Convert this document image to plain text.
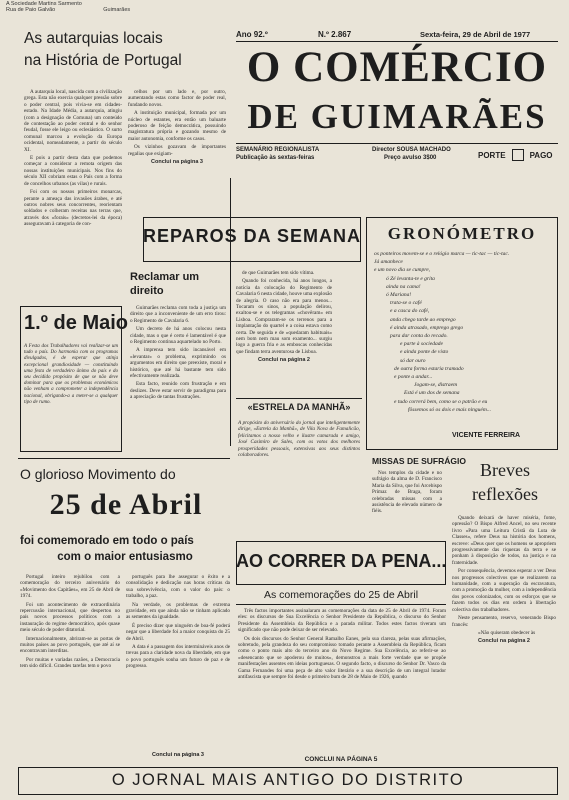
A Sociedade Martins Sarmento
Rua de Paio Galvão	Guimarães
As autarquias locais
na História de Portugal

A autarquia local, nascida com a civilização grega. Esta não exercia qualquer pressão sobre o poder central, pois vivia-se em cidades-estado. Na Idade Média, a autarquia, atingiu (com a designação de Comuna) um conteúdo de contestação ao poder central e do senhor feudal, fosse ele leigo ou eclesiástico. O surto comunal marcou a evolução da Europa ocidental, nomeadamente, a partir do século XI.

E pois a partir desta data que podemos começar a considerar a remota origem das nossas instituições municipais. Nos fins do século XII cobriam estas o País com a forma de concelhos urbanos (as vilas) e rurais.

Foi com os nossos primeiros monarcas, perante a ameaça das invasões árabes, e até outros nobres seus concorrentes, reorientam soldados e colheram receitas nas terras que, através dos «forais» (decretos-lei da época) asseguravam à categoria de con-

celhos por um lado e, por outro, aumentando estas como factor de poder real, fundando novos.

A instituição municipal, formada por um núcleo de estantes, era então um baluarte poderoso de feição democrática, possuindo magistratura própria e gozando mesmo de maior autonomia, conforme os casos.

Os vizinhos gozavam de importantes regalias que exigiam-

Conclui na página 3
Ano 92.º	N.º 2.867	Sexta-feira, 29 de Abril de 1977
O COMÉRCIO
DE GUIMARÃES
SEMANÁRIO REGIONALISTA
Publicação às sextas-feiras
Director SOUSA MACHADO
Preço avulso 3$00	PORTE	PAGO
1.º de Maio
A Festa dos Trabalhadores vai realizar-se um tudo o país. Do harmonia com os programas divulgados, é de esperar que atinja excepcional grandiosidade — constituindo uma festa de verdadeiro ânimo do país e do seu decidido propósito de que se não deve dominar para que os problemas económicos não venham a comprometer a independência nacional, obrigando-a a meter-se a qualquer tipo de rumo.
REPAROS DA SEMANA
Reclamar um direito

Guimarães reclama com toda a justiça um direito que a inconveniente de um erro tirou: o Regimento de Cavalaria 6.

Um decreto de há anos colocou nesta cidade, mas o que é certo é lamentável é que o Regimento continua aquartelado no Porto.

A imprensa tem sido incansável em «levantar» o problema, exprimindo os argumentos em direito que preexiste, moral e histórico, que até há bastante tem sido efectivamente realizada.

Esta facto, reunido com frustração e em deslizes. Deve estar servir de paradigma para a apreciação de tantas frustrações.

de que Guimarães tem sido vítima.

Quando foi conhecida, há anos longos, a notícia da colocação do Regimento de Cavalaria 6 nesta cidade, houve uma explosão de alegria. O caso não era para menos... Tocaram os sinos, a população delirou, exaltou-se e os telegramas «chovêram» em Lisboa. Compraram-se os terrenos para a implantação do quartel e a coisa estava como certa. De seguida e de «quedaram habituais» nem bom nem mau som examento... surgiu logo a guerra fria e as emboscas conhecidas que findam terra aventurosa de Lisboa.

Conclui na página 2
GRONÓMETRO
os ponteiros movem-se e o relógio marca — tic-tac — tic-tac.
Já amanhece
e um novo dia se cumpre,
ó Zé levanta-te e grita
ainda na cama!
ó Mariana!
trata-se o café
e a casca do café,
anda chego tarde ao emprego
é ainda atrasado, emprego grego
para dar conta do recado.
e parte à sociedade
e ainda ponte de visto
só dar ouro
de outra forma estaria tramado
e ponte a andar...
Jogam-se, distraem
Está é um dos de semana
e tudo correrá bem, como se o patrão e eu
fôssemos só os dois e mais ninguém...
VICENTE FERREIRA
«ESTRELA DA MANHÃ»
A propósito do aniversário do jornal que inteligentemente dirige, «Estrela da Manhã», de Vila Nova de Famalicão, felicitamos a nosso velho e ilustre camarada e amigo, José Casimiro de Sales, com os votos dos melhores prosperidades pessoais, extensivas aos seus distintos colaboradores.
MISSAS DE SUFRÁGIO
Nos templos da cidade e no sufrágio da alma de D. Francisco Maria da Silva, que foi Arcebispo Primaz de Braga, foram celebradas missas com a assistência de elevado número de fiéis.
Breves
reflexões

Quando deixará de haver miséria, fome, opressão? O Bispo Alfred Ancel, no seu recente livro «Para uma Leitura Cristã da Luta de Classes», refere Deus na história dos homens, escreve: «Deus quer que os homens se apropriem progressivamente das riquezas da terra e se ponham à disposição de todos, na justiça e na fraternidade.

Por consequência, devemos esperar a ver Deus nos progressos colectivos que se realizarem na humanidade, com a superação da escravatura, com a promoção da mulher, com a independência dos povos colonizados, com os esforços que se fazem todos os dias em ordem à libertação colectiva dos trabalhadores.

Neste pensamento, reservo, venerando Bispo francês:

«Não quiseram obedecer às

Conclui na página 2
O glorioso Movimento do
25 de Abril
foi comemorado em todo o país
com o maior entusiasmo

Portugal inteiro rejubilou com a comemoração do terceiro aniversário do «Movimento dos Capitães», em 25 de Abril de 1974.

Foi um acontecimento de extraordinária repercussão internacional, que despertou no país novos processos políticos com a instauração do regime democrático, após quase meio século de poder ditatorial.

Internacionalmente, abriram-se as portas de muitos países ao povo português, que até aí se encontravam interditas.

Por muitas e variadas razões, a Democracia tem sido difícil. Grandes tarefas tem o povo

português para lhe assegurar o êxito e a consolidação e dedicação nas horas críticas da sua sobrevivência, com o valor do país: o trabalho, a paz.

Na verdade, os problemas de extrema gravidade, em que ainda não se tinham aplicado as sementes da igualdade.

É preciso dizer que ninguém de boa-fé poderá negar que a liberdade foi a maior conquista do 25 de Abril.

A data é a passagem dos intermináveis anos de trevas para a claridade nova da liberdade, em que o povo português sonha um futuro de paz e de progresso.

Conclui na página 3
AO CORRER DA PENA...
As comemorações do 25 de Abril

Três factos importantes assinalaram as comemorações da data de 25 de Abril de 1974. Foram eles: os discursos de Sua Excelência o Senhor Presidente da República, o discurso do Senhor Presidente da Assembleia da República e a parada militar. Todos estes factos tiveram um significado que não pode deixar de ser relevado.

Os dois discursos do Senhor General Ramalho Eanes, pela sua clareza, pelas suas afirmações, sobretudo, pela grandeza do seu compromisso tomado perante a Assembleia da República, ficam como o ponto mais alto do terceiro ano do Novo Regime. Sua Excelência, ao referir-se ao «desencanto que se apoderou de muitos», demonstrou a mais forte verdade que se propõe manifestações assentes em ideias portuguesas. O segundo facto, o discurso do Senhor Dr. Vasco da Gama Fernandes foi uma peça de alto valor literário e a sua descrição de um integral lutador antifascista que sempre foi desde o primeiro bum de 28 de Maio de 1926, quando

CONCLUI NA PÁGINA 5
O JORNAL MAIS ANTIGO DO DISTRITO
